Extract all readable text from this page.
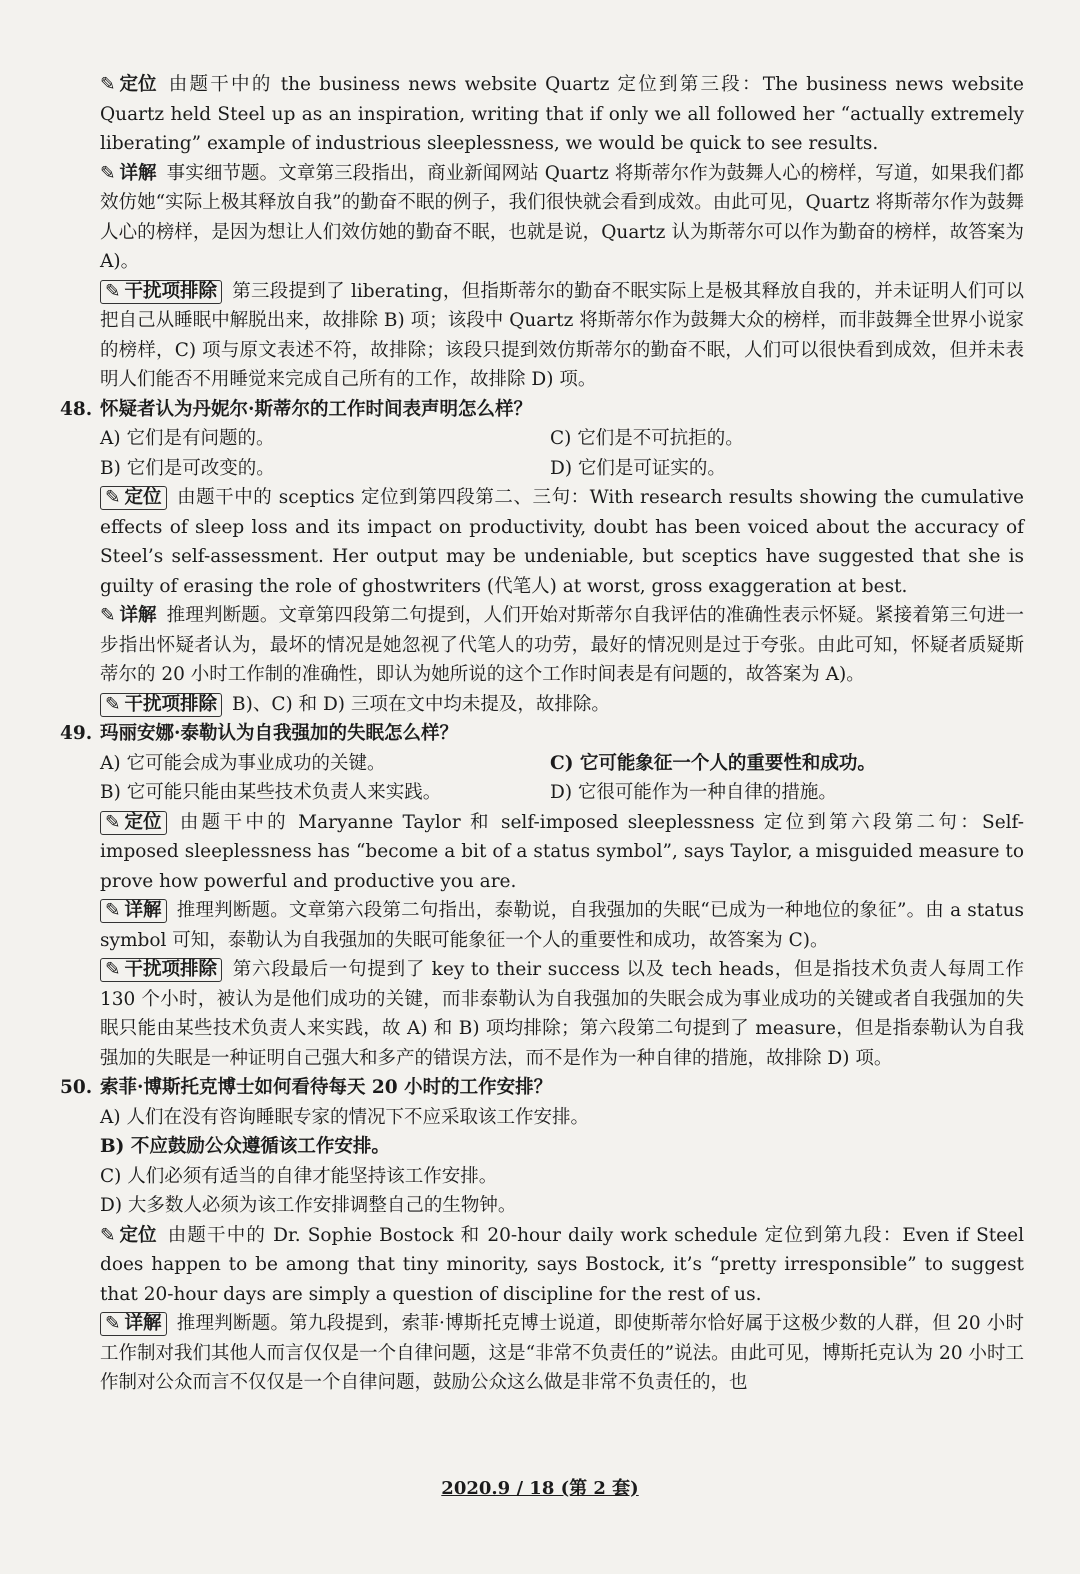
✎ 定位 由题干中的 the business news website Quartz 定位到第三段：The business news website Quartz held Steel up as an inspiration, writing that if only we all followed her “actually extremely liberating” example of industrious sleeplessness, we would be quick to see results.

✎ 详解 事实细节题。文章第三段指出，商业新闻网站 Quartz 将斯蒂尔作为鼓舞人心的榜样，写道，如果我们都效仿她“实际上极其释放自我”的勤奋不眠的例子，我们很快就会看到成效。由此可见，Quartz 将斯蒂尔作为鼓舞人心的榜样，是因为想让人们效仿她的勤奋不眠，也就是说，Quartz 认为斯蒂尔可以作为勤奋的榜样，故答案为 A)。

✎ 干扰项排除 第三段提到了 liberating，但指斯蒂尔的勤奋不眠实际上是极其释放自我的，并未证明人们可以把自己从睡眠中解脱出来，故排除 B) 项；该段中 Quartz 将斯蒂尔作为鼓舞大众的榜样，而非鼓舞全世界小说家的榜样，C) 项与原文表述不符，故排除；该段只提到效仿斯蒂尔的勤奋不眠，人们可以很快看到成效，但并未表明人们能否不用睡觉来完成自己所有的工作，故排除 D) 项。

48. 怀疑者认为丹妮尔·斯蒂尔的工作时间表声明怎么样？

A) 它们是有问题的。	C) 它们是不可抗拒的。
B) 它们是可改变的。	D) 它们是可证实的。

✎ 定位 由题干中的 sceptics 定位到第四段第二、三句：With research results showing the cumulative effects of sleep loss and its impact on productivity, doubt has been voiced about the accuracy of Steel’s self-assessment. Her output may be undeniable, but sceptics have suggested that she is guilty of erasing the role of ghostwriters (代笔人) at worst, gross exaggeration at best.

✎ 详解 推理判断题。文章第四段第二句提到，人们开始对斯蒂尔自我评估的准确性表示怀疑。紧接着第三句进一步指出怀疑者认为，最坏的情况是她忽视了代笔人的功劳，最好的情况则是过于夸张。由此可知，怀疑者质疑斯蒂尔的 20 小时工作制的准确性，即认为她所说的这个工作时间表是有问题的，故答案为 A)。

✎ 干扰项排除 B)、C) 和 D) 三项在文中均未提及，故排除。

49. 玛丽安娜·泰勒认为自我强加的失眠怎么样？

A) 它可能会成为事业成功的关键。	C) 它可能象征一个人的重要性和成功。
B) 它可能只能由某些技术负责人来实践。	D) 它很可能作为一种自律的措施。

✎ 定位 由题干中的 Maryanne Taylor 和 self-imposed sleeplessness 定位到第六段第二句：Self-imposed sleeplessness has “become a bit of a status symbol”, says Taylor, a misguided measure to prove how powerful and productive you are.

✎ 详解 推理判断题。文章第六段第二句指出，泰勒说，自我强加的失眠“已成为一种地位的象征”。由 a status symbol 可知，泰勒认为自我强加的失眠可能象征一个人的重要性和成功，故答案为 C)。

✎ 干扰项排除 第六段最后一句提到了 key to their success 以及 tech heads，但是指技术负责人每周工作 130 个小时，被认为是他们成功的关键，而非泰勒认为自我强加的失眠会成为事业成功的关键或者自我强加的失眠只能由某些技术负责人来实践，故 A) 和 B) 项均排除；第六段第二句提到了 measure，但是指泰勒认为自我强加的失眠是一种证明自己强大和多产的错误方法，而不是作为一种自律的措施，故排除 D) 项。

50. 索菲·博斯托克博士如何看待每天 20 小时的工作安排？

A) 人们在没有咨询睡眠专家的情况下不应采取该工作安排。
B) 不应鼓励公众遵循该工作安排。
C) 人们必须有适当的自律才能坚持该工作安排。
D) 大多数人必须为该工作安排调整自己的生物钟。

✎ 定位 由题干中的 Dr. Sophie Bostock 和 20-hour daily work schedule 定位到第九段：Even if Steel does happen to be among that tiny minority, says Bostock, it’s “pretty irresponsible” to suggest that 20-hour days are simply a question of discipline for the rest of us.

✎ 详解 推理判断题。第九段提到，索菲·博斯托克博士说道，即使斯蒂尔恰好属于这极少数的人群，但 20 小时工作制对我们其他人而言仅仅是一个自律问题，这是“非常不负责任的”说法。由此可见，博斯托克认为 20 小时工作制对公众而言不仅仅是一个自律问题，鼓励公众这么做是非常不负责任的，也

2020.9 / 18 (第 2 套)
